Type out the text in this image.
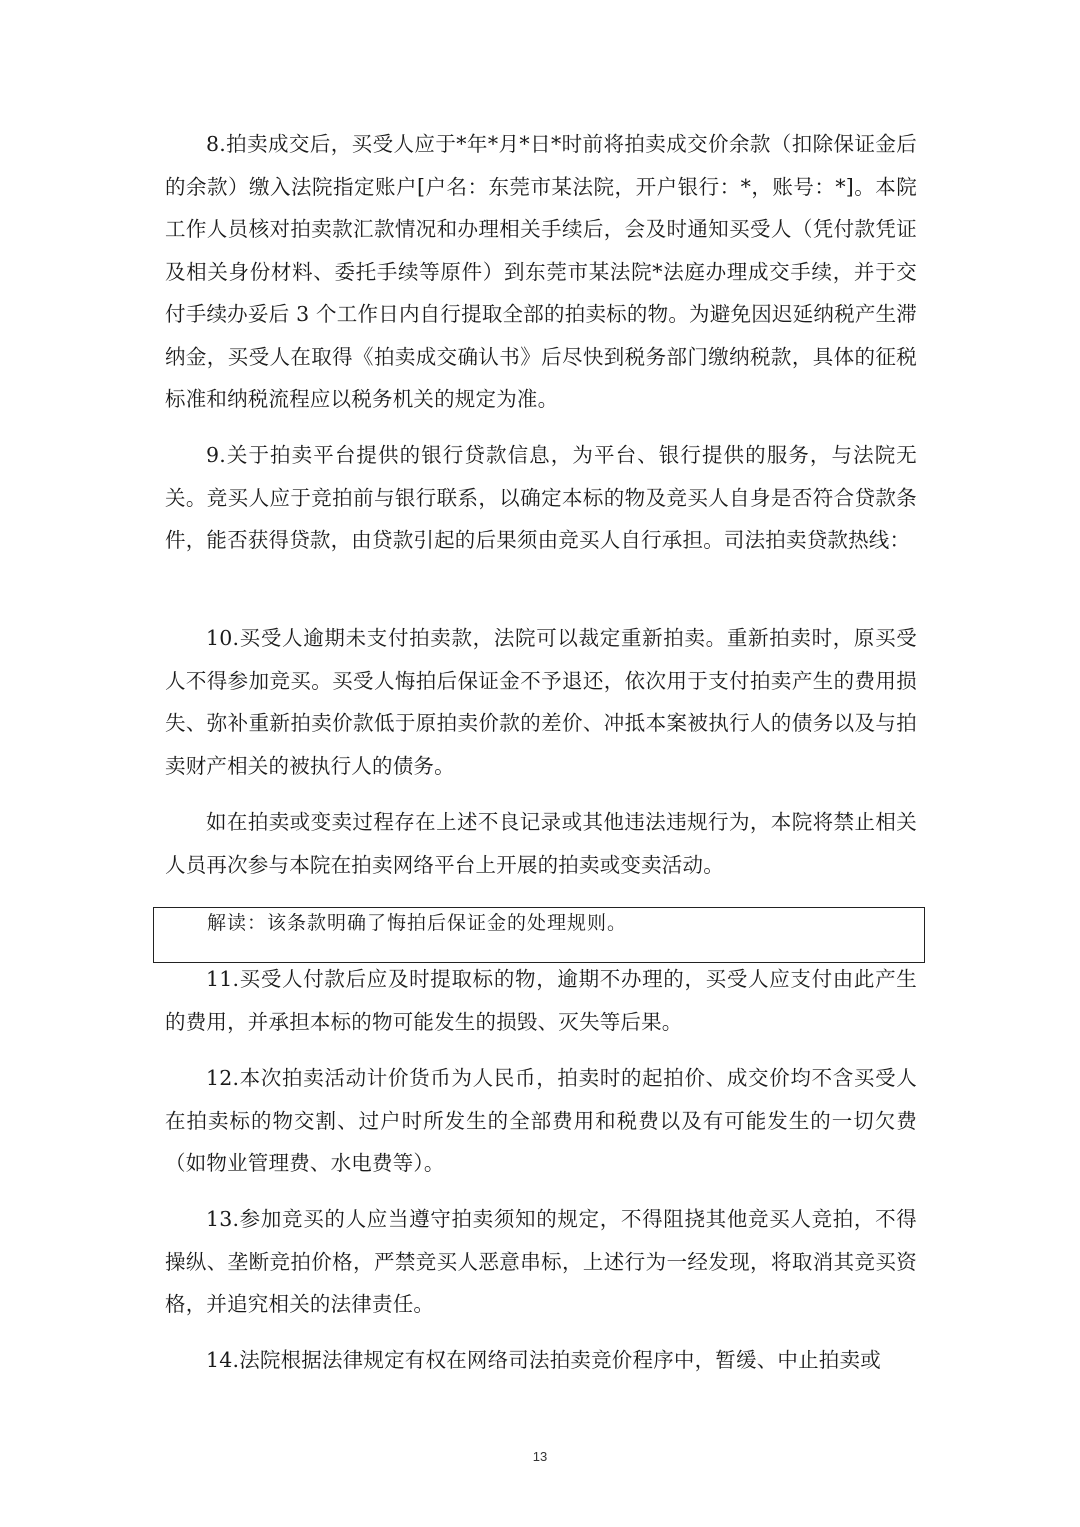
8.拍卖成交后，买受人应于*年*月*日*时前将拍卖成交价余款（扣除保证金后的余款）缴入法院指定账户[户名：东莞市某法院，开户银行：*，账号：*]。本院工作人员核对拍卖款汇款情况和办理相关手续后，会及时通知买受人（凭付款凭证及相关身份材料、委托手续等原件）到东莞市某法院*法庭办理成交手续，并于交付手续办妥后 3 个工作日内自行提取全部的拍卖标的物。为避免因迟延纳税产生滞纳金，买受人在取得《拍卖成交确认书》后尽快到税务部门缴纳税款，具体的征税标准和纳税流程应以税务机关的规定为准。

9.关于拍卖平台提供的银行贷款信息，为平台、银行提供的服务，与法院无关。竞买人应于竞拍前与银行联系，以确定本标的物及竞买人自身是否符合贷款条件，能否获得贷款，由贷款引起的后果须由竞买人自行承担。司法拍卖贷款热线：

10.买受人逾期未支付拍卖款，法院可以裁定重新拍卖。重新拍卖时，原买受人不得参加竞买。买受人悔拍后保证金不予退还，依次用于支付拍卖产生的费用损失、弥补重新拍卖价款低于原拍卖价款的差价、冲抵本案被执行人的债务以及与拍卖财产相关的被执行人的债务。

如在拍卖或变卖过程存在上述不良记录或其他违法违规行为，本院将禁止相关人员再次参与本院在拍卖网络平台上开展的拍卖或变卖活动。

解读：该条款明确了悔拍后保证金的处理规则。

11.买受人付款后应及时提取标的物，逾期不办理的，买受人应支付由此产生的费用，并承担本标的物可能发生的损毁、灭失等后果。

12.本次拍卖活动计价货币为人民币，拍卖时的起拍价、成交价均不含买受人在拍卖标的物交割、过户时所发生的全部费用和税费以及有可能发生的一切欠费（如物业管理费、水电费等）。

13.参加竞买的人应当遵守拍卖须知的规定，不得阻挠其他竞买人竞拍，不得操纵、垄断竞拍价格，严禁竞买人恶意串标，上述行为一经发现，将取消其竞买资格，并追究相关的法律责任。

14.法院根据法律规定有权在网络司法拍卖竞价程序中，暂缓、中止拍卖或

13
